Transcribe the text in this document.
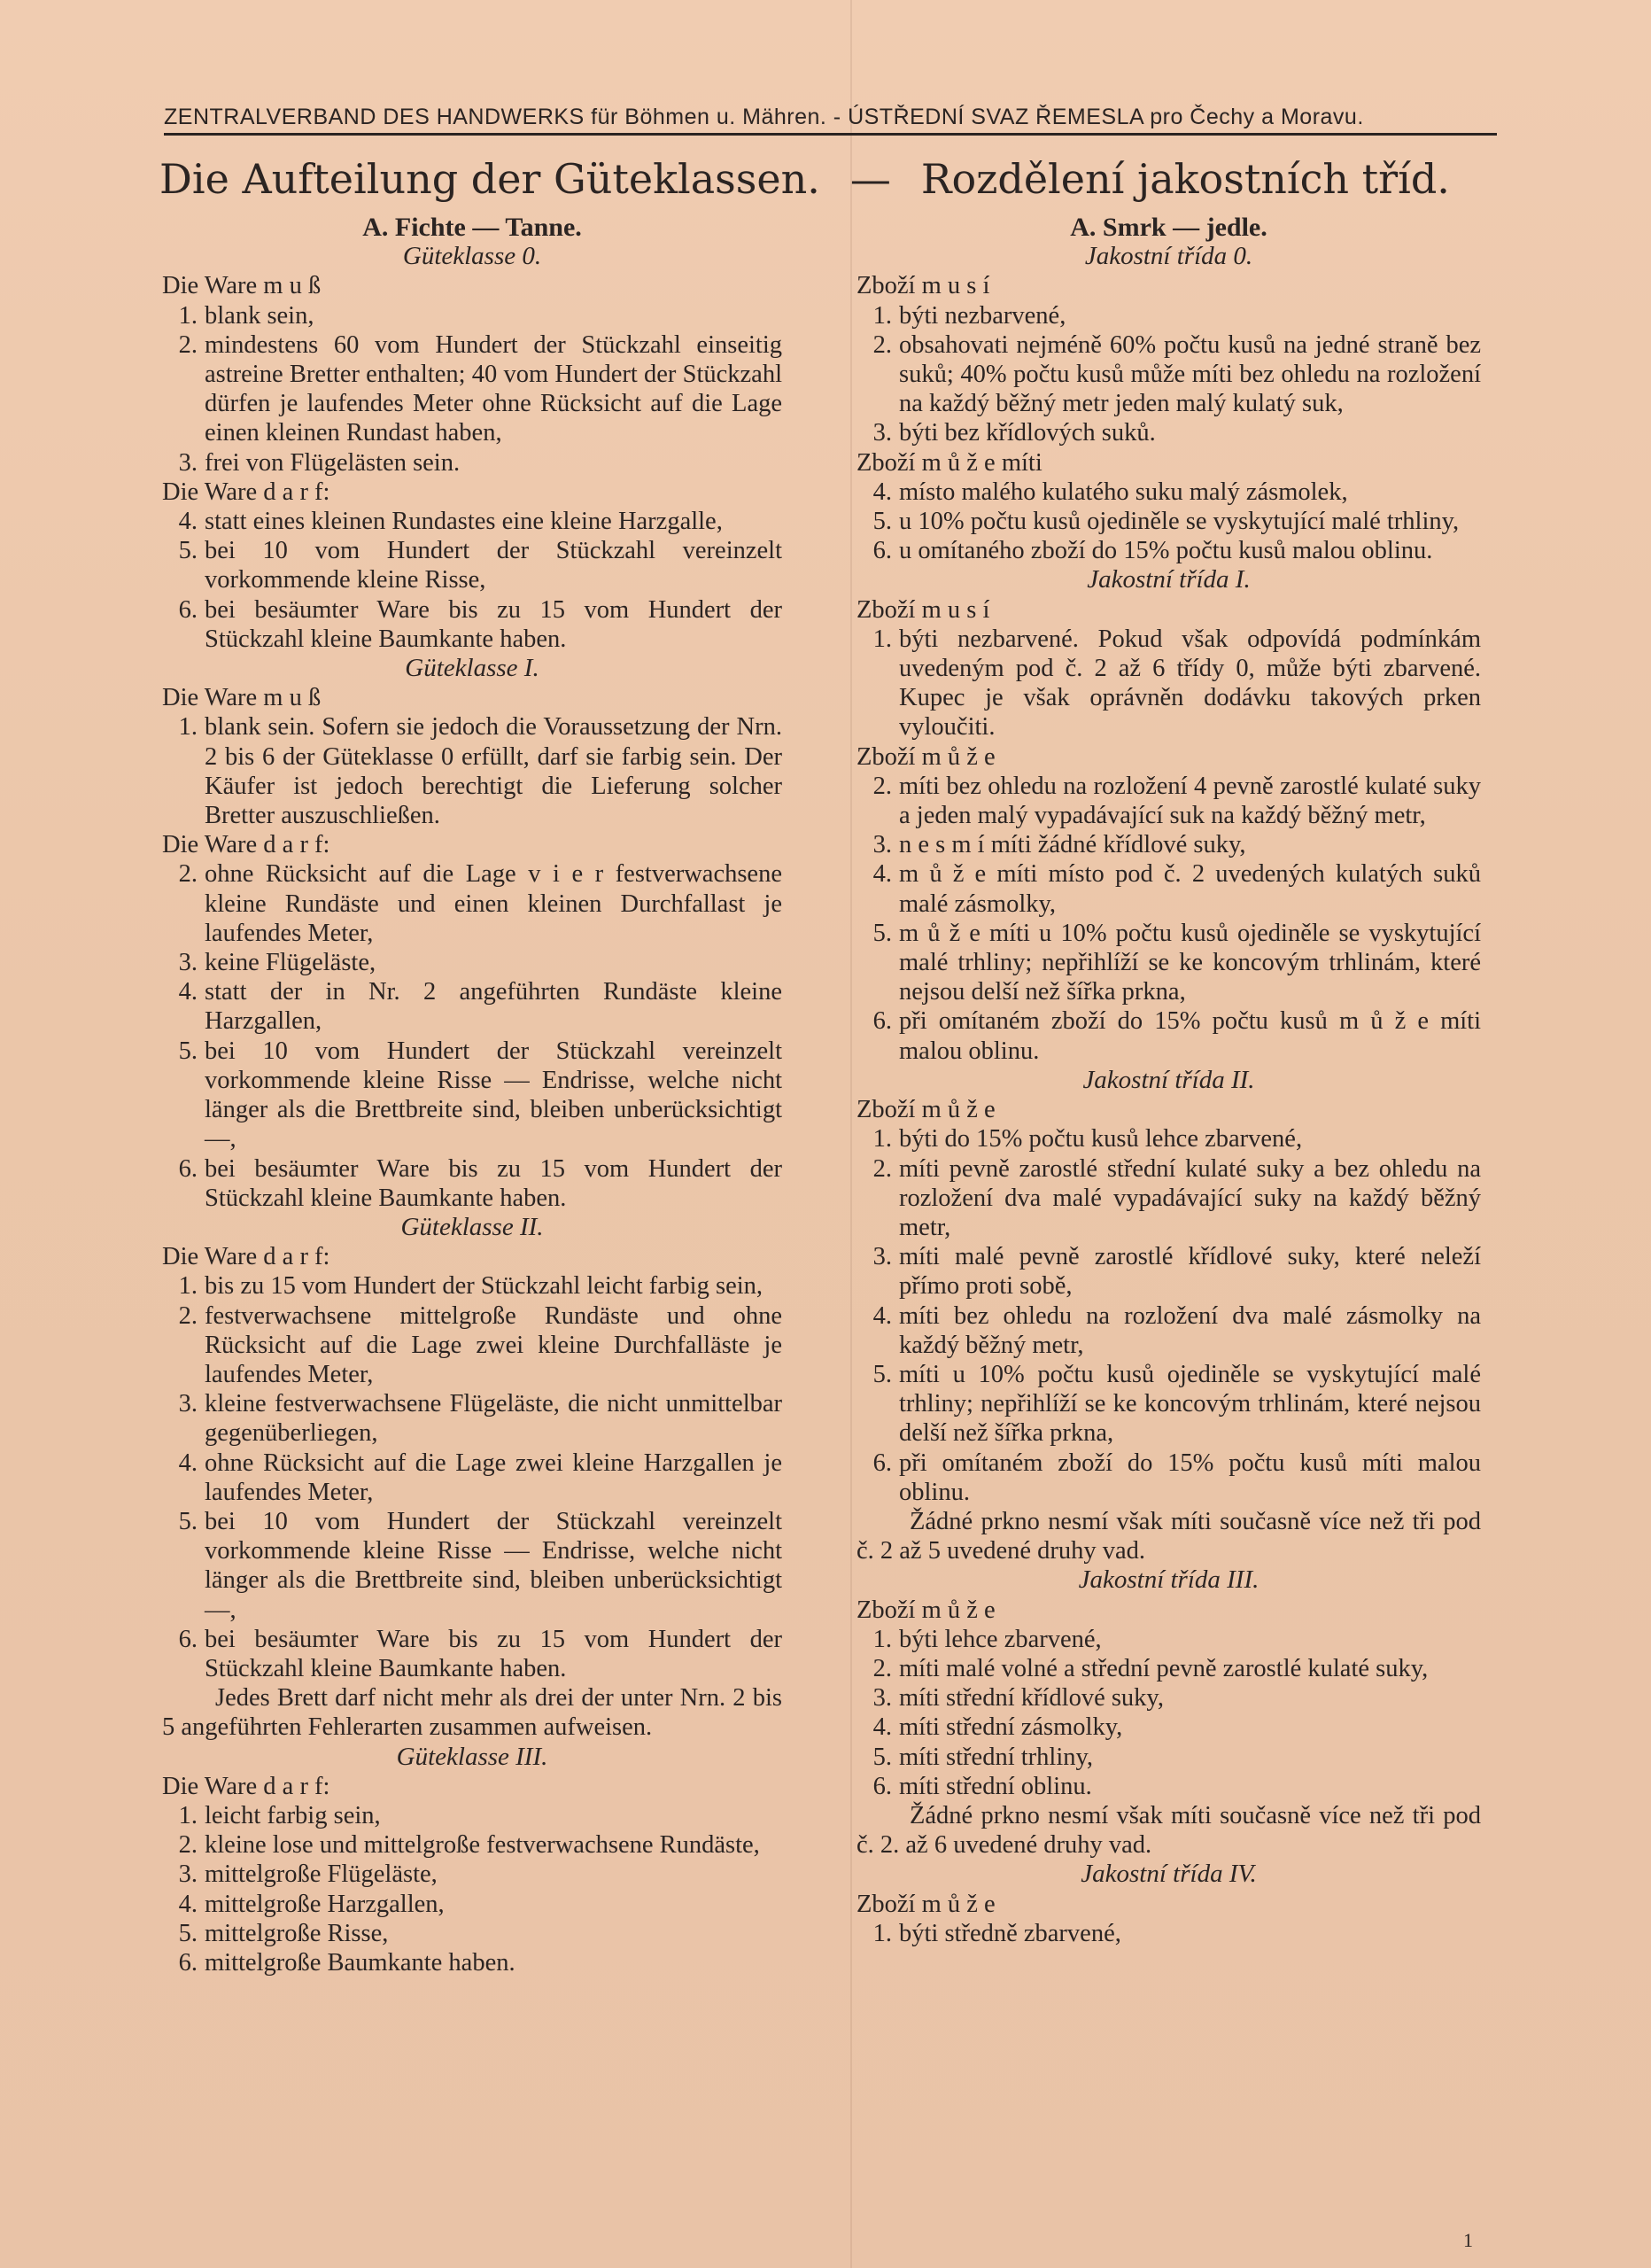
ZENTRALVERBAND DES HANDWERKS für Böhmen u. Mähren. - ÚSTŘEDNÍ SVAZ ŘEMESLA pro Čechy a Moravu.
Die Aufteilung der Güteklassen. — Rozdělení jakostních tříd.
A. Fichte — Tanne.
Güteklasse 0.
Die Ware m u ß
1. blank sein,
2. mindestens 60 vom Hundert der Stückzahl einseitig astreine Bretter enthalten; 40 vom Hundert der Stückzahl dürfen je laufendes Meter ohne Rücksicht auf die Lage einen kleinen Rundast haben,
3. frei von Flügelästen sein.
Die Ware d a r f:
4. statt eines kleinen Rundastes eine kleine Harzgalle,
5. bei 10 vom Hundert der Stückzahl vereinzelt vorkommende kleine Risse,
6. bei besäumter Ware bis zu 15 vom Hundert der Stückzahl kleine Baumkante haben.
Güteklasse I.
Die Ware m u ß
1. blank sein. Sofern sie jedoch die Voraussetzung der Nrn. 2 bis 6 der Güteklasse 0 erfüllt, darf sie farbig sein. Der Käufer ist jedoch berechtigt die Lieferung solcher Bretter auszuschließen.
Die Ware d a r f:
2. ohne Rücksicht auf die Lage v i e r festverwachsene kleine Rundäste und einen kleinen Durchfallast je laufendes Meter,
3. keine Flügeläste,
4. statt der in Nr. 2 angeführten Rundäste kleine Harzgallen,
5. bei 10 vom Hundert der Stückzahl vereinzelt vorkommende kleine Risse — Endrisse, welche nicht länger als die Brettbreite sind, bleiben unberücksichtigt —,
6. bei besäumter Ware bis zu 15 vom Hundert der Stückzahl kleine Baumkante haben.
Güteklasse II.
Die Ware d a r f:
1. bis zu 15 vom Hundert der Stückzahl leicht farbig sein,
2. festverwachsene mittelgroße Rundäste und ohne Rücksicht auf die Lage zwei kleine Durchfalläste je laufendes Meter,
3. kleine festverwachsene Flügeläste, die nicht unmittelbar gegenüberliegen,
4. ohne Rücksicht auf die Lage zwei kleine Harzgallen je laufendes Meter,
5. bei 10 vom Hundert der Stückzahl vereinzelt vorkommende kleine Risse — Endrisse, welche nicht länger als die Brettbreite sind, bleiben unberücksichtigt —,
6. bei besäumter Ware bis zu 15 vom Hundert der Stückzahl kleine Baumkante haben.
Jedes Brett darf nicht mehr als drei der unter Nrn. 2 bis 5 angeführten Fehlerarten zusammen aufweisen.
Güteklasse III.
Die Ware d a r f:
1. leicht farbig sein,
2. kleine lose und mittelgroße festverwachsene Rundäste,
3. mittelgroße Flügeläste,
4. mittelgroße Harzgallen,
5. mittelgroße Risse,
6. mittelgroße Baumkante haben.
A. Smrk — jedle.
Jakostní třída 0.
Zboží m u s í
1. býti nezbarvené,
2. obsahovati nejméně 60% počtu kusů na jedné straně bez suků; 40% počtu kusů může míti bez ohledu na rozložení na každý běžný metr jeden malý kulatý suk,
3. býti bez křídlových suků.
Zboží m ů ž e míti
4. místo malého kulatého suku malý zásmolek,
5. u 10% počtu kusů ojediněle se vyskytující malé trhliny,
6. u omítaného zboží do 15% počtu kusů malou oblinu.
Jakostní třída I.
Zboží m u s í
1. býti nezbarvené. Pokud však odpovídá podmínkám uvedeným pod č. 2 až 6 třídy 0, může býti zbarvené. Kupec je však oprávněn dodávku takových prken vyloučiti.
Zboží m ů ž e
2. míti bez ohledu na rozložení 4 pevně zarostlé kulaté suky a jeden malý vypadávající suk na každý běžný metr,
3. n e s m í míti žádné křídlové suky,
4. m ů ž e míti místo pod č. 2 uvedených kulatých suků malé zásmolky,
5. m ů ž e míti u 10% počtu kusů ojediněle se vyskytující malé trhliny; nepřihlíží se ke koncovým trhlinám, které nejsou delší než šířka prkna,
6. při omítaném zboží do 15% počtu kusů m ů ž e míti malou oblinu.
Jakostní třída II.
Zboží m ů ž e
1. býti do 15% počtu kusů lehce zbarvené,
2. míti pevně zarostlé střední kulaté suky a bez ohledu na rozložení dva malé vypadávající suky na každý běžný metr,
3. míti malé pevně zarostlé křídlové suky, které neleží přímo proti sobě,
4. míti bez ohledu na rozložení dva malé zásmolky na každý běžný metr,
5. míti u 10% počtu kusů ojediněle se vyskytující malé trhliny; nepřihlíží se ke koncovým trhlinám, které nejsou delší než šířka prkna,
6. při omítaném zboží do 15% počtu kusů míti malou oblinu.
Žádné prkno nesmí však míti současně více než tři pod č. 2 až 5 uvedené druhy vad.
Jakostní třída III.
Zboží m ů ž e
1. býti lehce zbarvené,
2. míti malé volné a střední pevně zarostlé kulaté suky,
3. míti střední křídlové suky,
4. míti střední zásmolky,
5. míti střední trhliny,
6. míti střední oblinu.
Žádné prkno nesmí však míti současně více než tři pod č. 2. až 6 uvedené druhy vad.
Jakostní třída IV.
Zboží m ů ž e
1. býti středně zbarvené,
1
